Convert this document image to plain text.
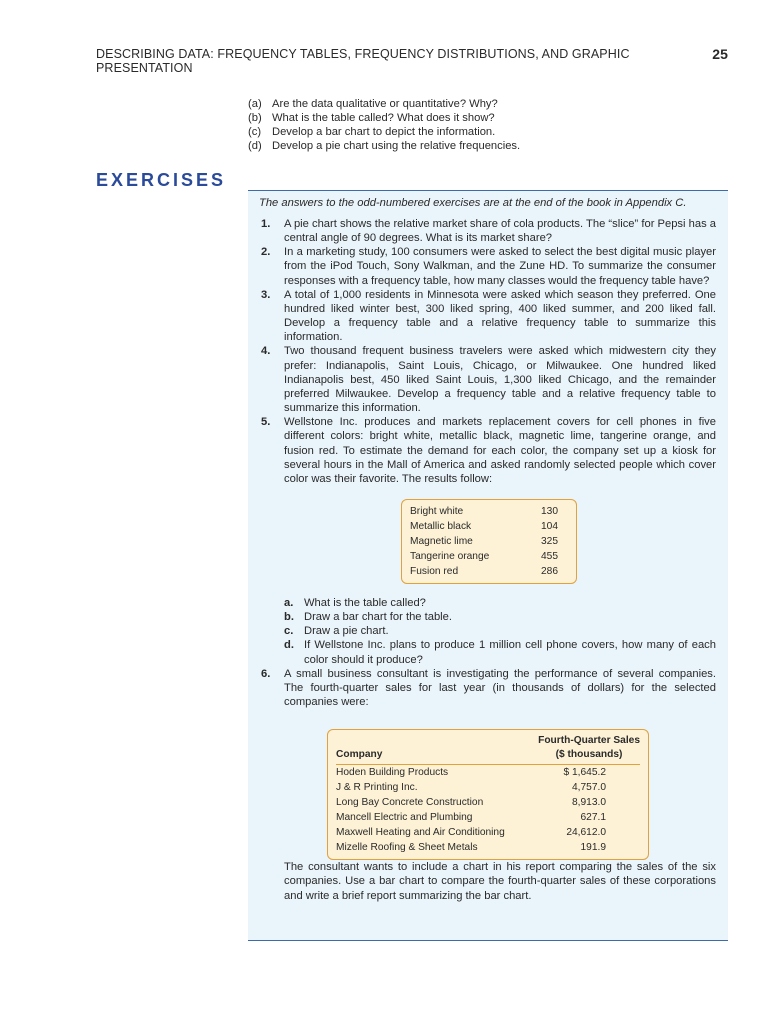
DESCRIBING DATA: FREQUENCY TABLES, FREQUENCY DISTRIBUTIONS, AND GRAPHIC PRESENTATION
25
(a) Are the data qualitative or quantitative? Why?
(b) What is the table called? What does it show?
(c) Develop a bar chart to depict the information.
(d) Develop a pie chart using the relative frequencies.
EXERCISES
The answers to the odd-numbered exercises are at the end of the book in Appendix C.
1. A pie chart shows the relative market share of cola products. The “slice” for Pepsi has a central angle of 90 degrees. What is its market share?

2. In a marketing study, 100 consumers were asked to select the best digital music player from the iPod Touch, Sony Walkman, and the Zune HD. To summarize the consumer responses with a frequency table, how many classes would the frequency table have?

3. A total of 1,000 residents in Minnesota were asked which season they preferred. One hundred liked winter best, 300 liked spring, 400 liked summer, and 200 liked fall. Develop a frequency table and a relative frequency table to summarize this information.

4. Two thousand frequent business travelers were asked which midwestern city they prefer: Indianapolis, Saint Louis, Chicago, or Milwaukee. One hundred liked Indianapolis best, 450 liked Saint Louis, 1,300 liked Chicago, and the remainder preferred Milwaukee. Develop a frequency table and a relative frequency table to summarize this information.

5. Wellstone Inc. produces and markets replacement covers for cell phones in five different colors: bright white, metallic black, magnetic lime, tangerine orange, and fusion red. To estimate the demand for each color, the company set up a kiosk for several hours in the Mall of America and asked randomly selected people which cover color was their favorite. The results follow:

Bright white	130
Metallic black	104
Magnetic lime	325
Tangerine orange	455
Fusion red	286
a. What is the table called?
b. Draw a bar chart for the table.
c. Draw a pie chart.
d. If Wellstone Inc. plans to produce 1 million cell phone covers, how many of each color should it produce?
6. A small business consultant is investigating the performance of several companies. The fourth-quarter sales for last year (in thousands of dollars) for the selected companies were:

Company
Fourth-Quarter Sales
($ thousands)
Hoden Building Products	$ 1,645.2
J & R Printing Inc.	4,757.0
Long Bay Concrete Construction	8,913.0
Mancell Electric and Plumbing	627.1
Maxwell Heating and Air Conditioning	24,612.0
Mizelle Roofing & Sheet Metals	191.9

The consultant wants to include a chart in his report comparing the sales of the six companies. Use a bar chart to compare the fourth-quarter sales of these corporations and write a brief report summarizing the bar chart.
